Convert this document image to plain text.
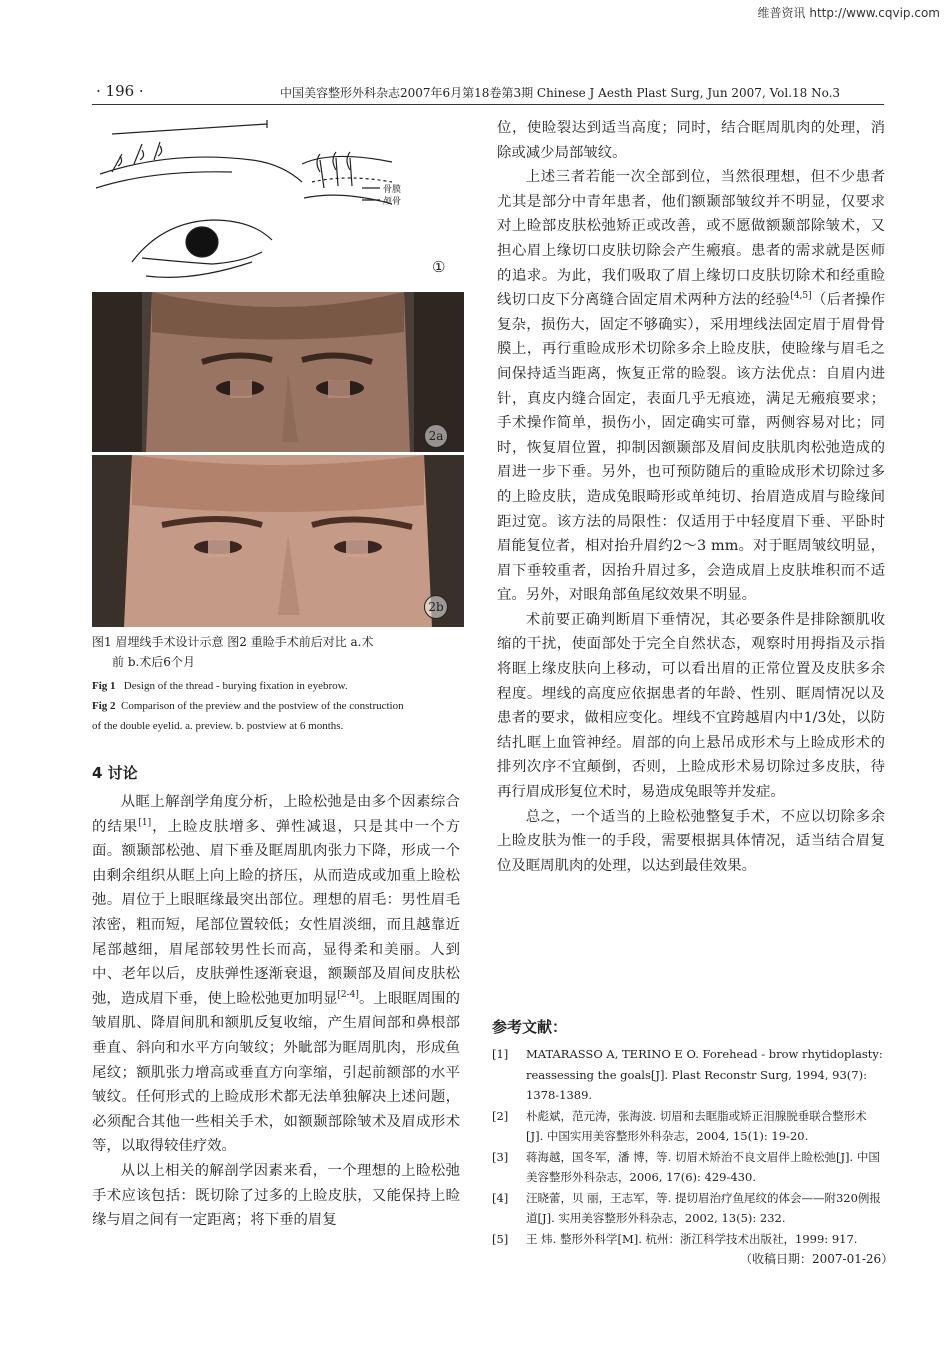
维普资讯 http://www.cqvip.com
· 196 ·	中国美容整形外科杂志2007年6月第18卷第3期 Chinese J Aesth Plast Surg, Jun 2007, Vol.18 No.3
骨膜
颅骨
①
2a
2b
图1 眉埋线手术设计示意 图2 重睑手术前后对比 a.术
前 b.术后6个月
Fig 1 Design of the thread - burying fixation in eyebrow.
Fig 2 Comparison of the preview and the postview of the construction
of the double eyelid. a. preview. b. postview at 6 months.
4 讨论

从眶上解剖学角度分析，上睑松弛是由多个因素综合的结果[1]，上睑皮肤增多、弹性减退，只是其中一个方面。额颞部松弛、眉下垂及眶周肌肉张力下降，形成一个由剩余组织从眶上向上睑的挤压，从而造成或加重上睑松弛。眉位于上眼眶缘最突出部位。理想的眉毛：男性眉毛浓密，粗而短，尾部位置较低；女性眉淡细，而且越靠近尾部越细，眉尾部较男性长而高，显得柔和美丽。人到中、老年以后，皮肤弹性逐渐衰退，额颞部及眉间皮肤松弛，造成眉下垂，使上睑松弛更加明显[2-4]。上眼眶周围的皱眉肌、降眉间肌和额肌反复收缩，产生眉间部和鼻根部垂直、斜向和水平方向皱纹；外眦部为眶周肌肉，形成鱼尾纹；额肌张力增高或垂直方向挛缩，引起前额部的水平皱纹。任何形式的上睑成形术都无法单独解决上述问题，必须配合其他一些相关手术，如额颞部除皱术及眉成形术等，以取得较佳疗效。

从以上相关的解剖学因素来看，一个理想的上睑松弛手术应该包括：既切除了过多的上睑皮肤，又能保持上睑缘与眉之间有一定距离；将下垂的眉复

位，使睑裂达到适当高度；同时，结合眶周肌肉的处理，消除或减少局部皱纹。

上述三者若能一次全部到位，当然很理想，但不少患者尤其是部分中青年患者，他们额颞部皱纹并不明显，仅要求对上睑部皮肤松弛矫正或改善，或不愿做额颞部除皱术，又担心眉上缘切口皮肤切除会产生瘢痕。患者的需求就是医师的追求。为此，我们吸取了眉上缘切口皮肤切除术和经重睑线切口皮下分离缝合固定眉术两种方法的经验[4,5]（后者操作复杂，损伤大，固定不够确实），采用埋线法固定眉于眉骨骨膜上，再行重睑成形术切除多余上睑皮肤，使睑缘与眉毛之间保持适当距离，恢复正常的睑裂。该方法优点：自眉内进针，真皮内缝合固定，表面几乎无痕迹，满足无瘢痕要求；手术操作简单，损伤小，固定确实可靠，两侧容易对比；同时，恢复眉位置，抑制因额颞部及眉间皮肤肌肉松弛造成的眉进一步下垂。另外，也可预防随后的重睑成形术切除过多的上睑皮肤，造成兔眼畸形或单纯切、抬眉造成眉与睑缘间距过宽。该方法的局限性：仅适用于中轻度眉下垂、平卧时眉能复位者，相对抬升眉约2～3 mm。对于眶周皱纹明显，眉下垂较重者，因抬升眉过多，会造成眉上皮肤堆积而不适宜。另外，对眼角部鱼尾纹效果不明显。

术前要正确判断眉下垂情况，其必要条件是排除额肌收缩的干扰，使面部处于完全自然状态，观察时用拇指及示指将眶上缘皮肤向上移动，可以看出眉的正常位置及皮肤多余程度。埋线的高度应依据患者的年龄、性别、眶周情况以及患者的要求，做相应变化。埋线不宜跨越眉内中1/3处，以防结扎眶上血管神经。眉部的向上悬吊成形术与上睑成形术的排列次序不宜颠倒，否则，上睑成形术易切除过多皮肤，待再行眉成形复位术时，易造成兔眼等并发症。

总之，一个适当的上睑松弛整复手术，不应以切除多余上睑皮肤为惟一的手段，需要根据具体情况，适当结合眉复位及眶周肌肉的处理，以达到最佳效果。

参考文献：
[1]	MATARASSO A, TERINO E O. Forehead - brow rhytidoplasty: reassessing the goals[J]. Plast Reconstr Surg, 1994, 93(7): 1378-1389.
[2]	朴彪斌，范元涛，张海波. 切眉和去眶脂或矫正泪腺脱垂联合整形术[J]. 中国实用美容整形外科杂志，2004, 15(1): 19-20.
[3]	蒋海越，国冬军，潘 博，等. 切眉术矫治不良文眉伴上睑松弛[J]. 中国美容整形外科杂志，2006, 17(6): 429-430.
[4]	汪晓蕾，贝 丽，王志军，等. 提切眉治疗鱼尾纹的体会——附320例报道[J]. 实用美容整形外科杂志，2002, 13(5): 232.
[5]	王 炜. 整形外科学[M]. 杭州：浙江科学技术出版社，1999: 917.
（收稿日期：2007-01-26）
